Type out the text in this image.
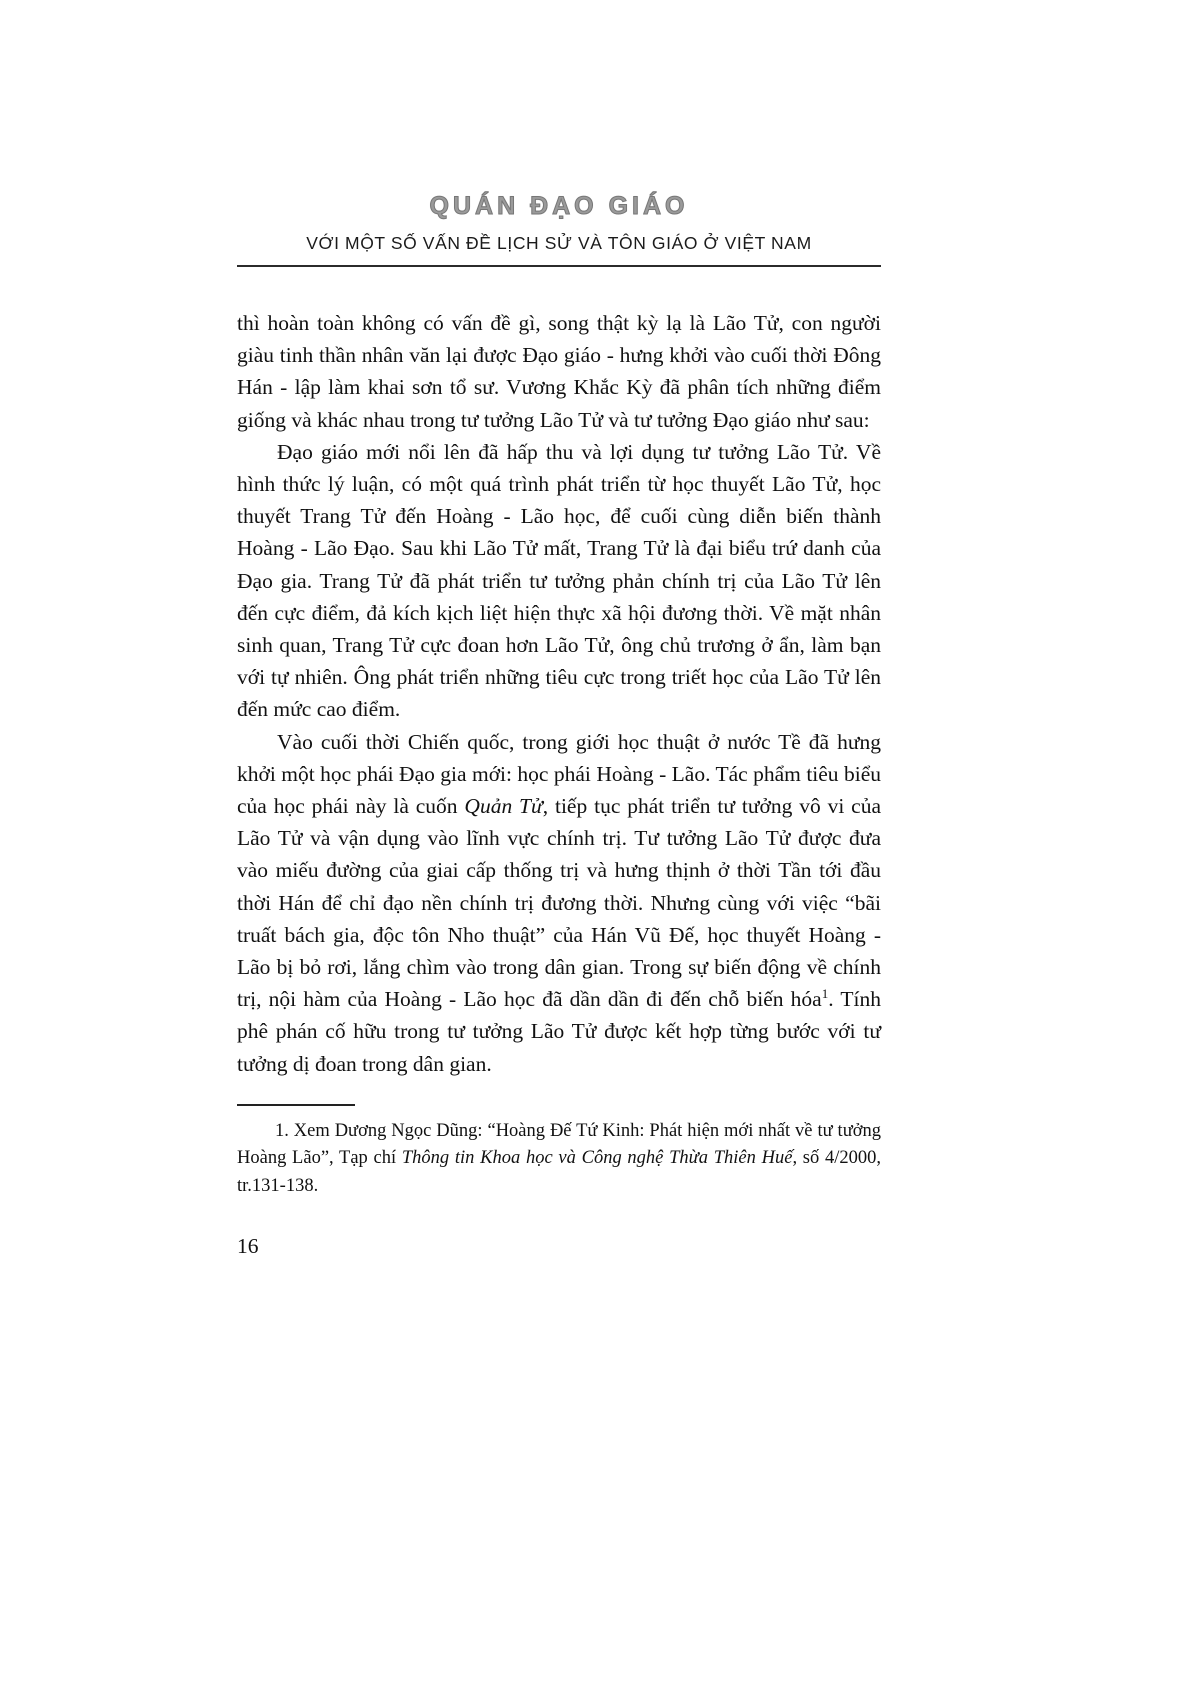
QUÁN ĐẠO GIÁO
VỚI MỘT SỐ VẤN ĐỀ LỊCH SỬ VÀ TÔN GIÁO Ở VIỆT NAM

thì hoàn toàn không có vấn đề gì, song thật kỳ lạ là Lão Tử, con người giàu tinh thần nhân văn lại được Đạo giáo - hưng khởi vào cuối thời Đông Hán - lập làm khai sơn tổ sư. Vương Khắc Kỳ đã phân tích những điểm giống và khác nhau trong tư tưởng Lão Tử và tư tưởng Đạo giáo như sau:

Đạo giáo mới nổi lên đã hấp thu và lợi dụng tư tưởng Lão Tử. Về hình thức lý luận, có một quá trình phát triển từ học thuyết Lão Tử, học thuyết Trang Tử đến Hoàng - Lão học, để cuối cùng diễn biến thành Hoàng - Lão Đạo. Sau khi Lão Tử mất, Trang Tử là đại biểu trứ danh của Đạo gia. Trang Tử đã phát triển tư tưởng phản chính trị của Lão Tử lên đến cực điểm, đả kích kịch liệt hiện thực xã hội đương thời. Về mặt nhân sinh quan, Trang Tử cực đoan hơn Lão Tử, ông chủ trương ở ẩn, làm bạn với tự nhiên. Ông phát triển những tiêu cực trong triết học của Lão Tử lên đến mức cao điểm.

Vào cuối thời Chiến quốc, trong giới học thuật ở nước Tề đã hưng khởi một học phái Đạo gia mới: học phái Hoàng - Lão. Tác phẩm tiêu biểu của học phái này là cuốn Quản Tử, tiếp tục phát triển tư tưởng vô vi của Lão Tử và vận dụng vào lĩnh vực chính trị. Tư tưởng Lão Tử được đưa vào miếu đường của giai cấp thống trị và hưng thịnh ở thời Tần tới đầu thời Hán để chỉ đạo nền chính trị đương thời. Nhưng cùng với việc “bãi truất bách gia, độc tôn Nho thuật” của Hán Vũ Đế, học thuyết Hoàng - Lão bị bỏ rơi, lắng chìm vào trong dân gian. Trong sự biến động về chính trị, nội hàm của Hoàng - Lão học đã dần dần đi đến chỗ biến hóa$^1$. Tính phê phán cố hữu trong tư tưởng Lão Tử được kết hợp từng bước với tư tưởng dị đoan trong dân gian.

1. Xem Dương Ngọc Dũng: “Hoàng Đế Tứ Kinh: Phát hiện mới nhất về tư tưởng Hoàng Lão”, Tạp chí Thông tin Khoa học và Công nghệ Thừa Thiên Huế, số 4/2000, tr.131-138.
16
